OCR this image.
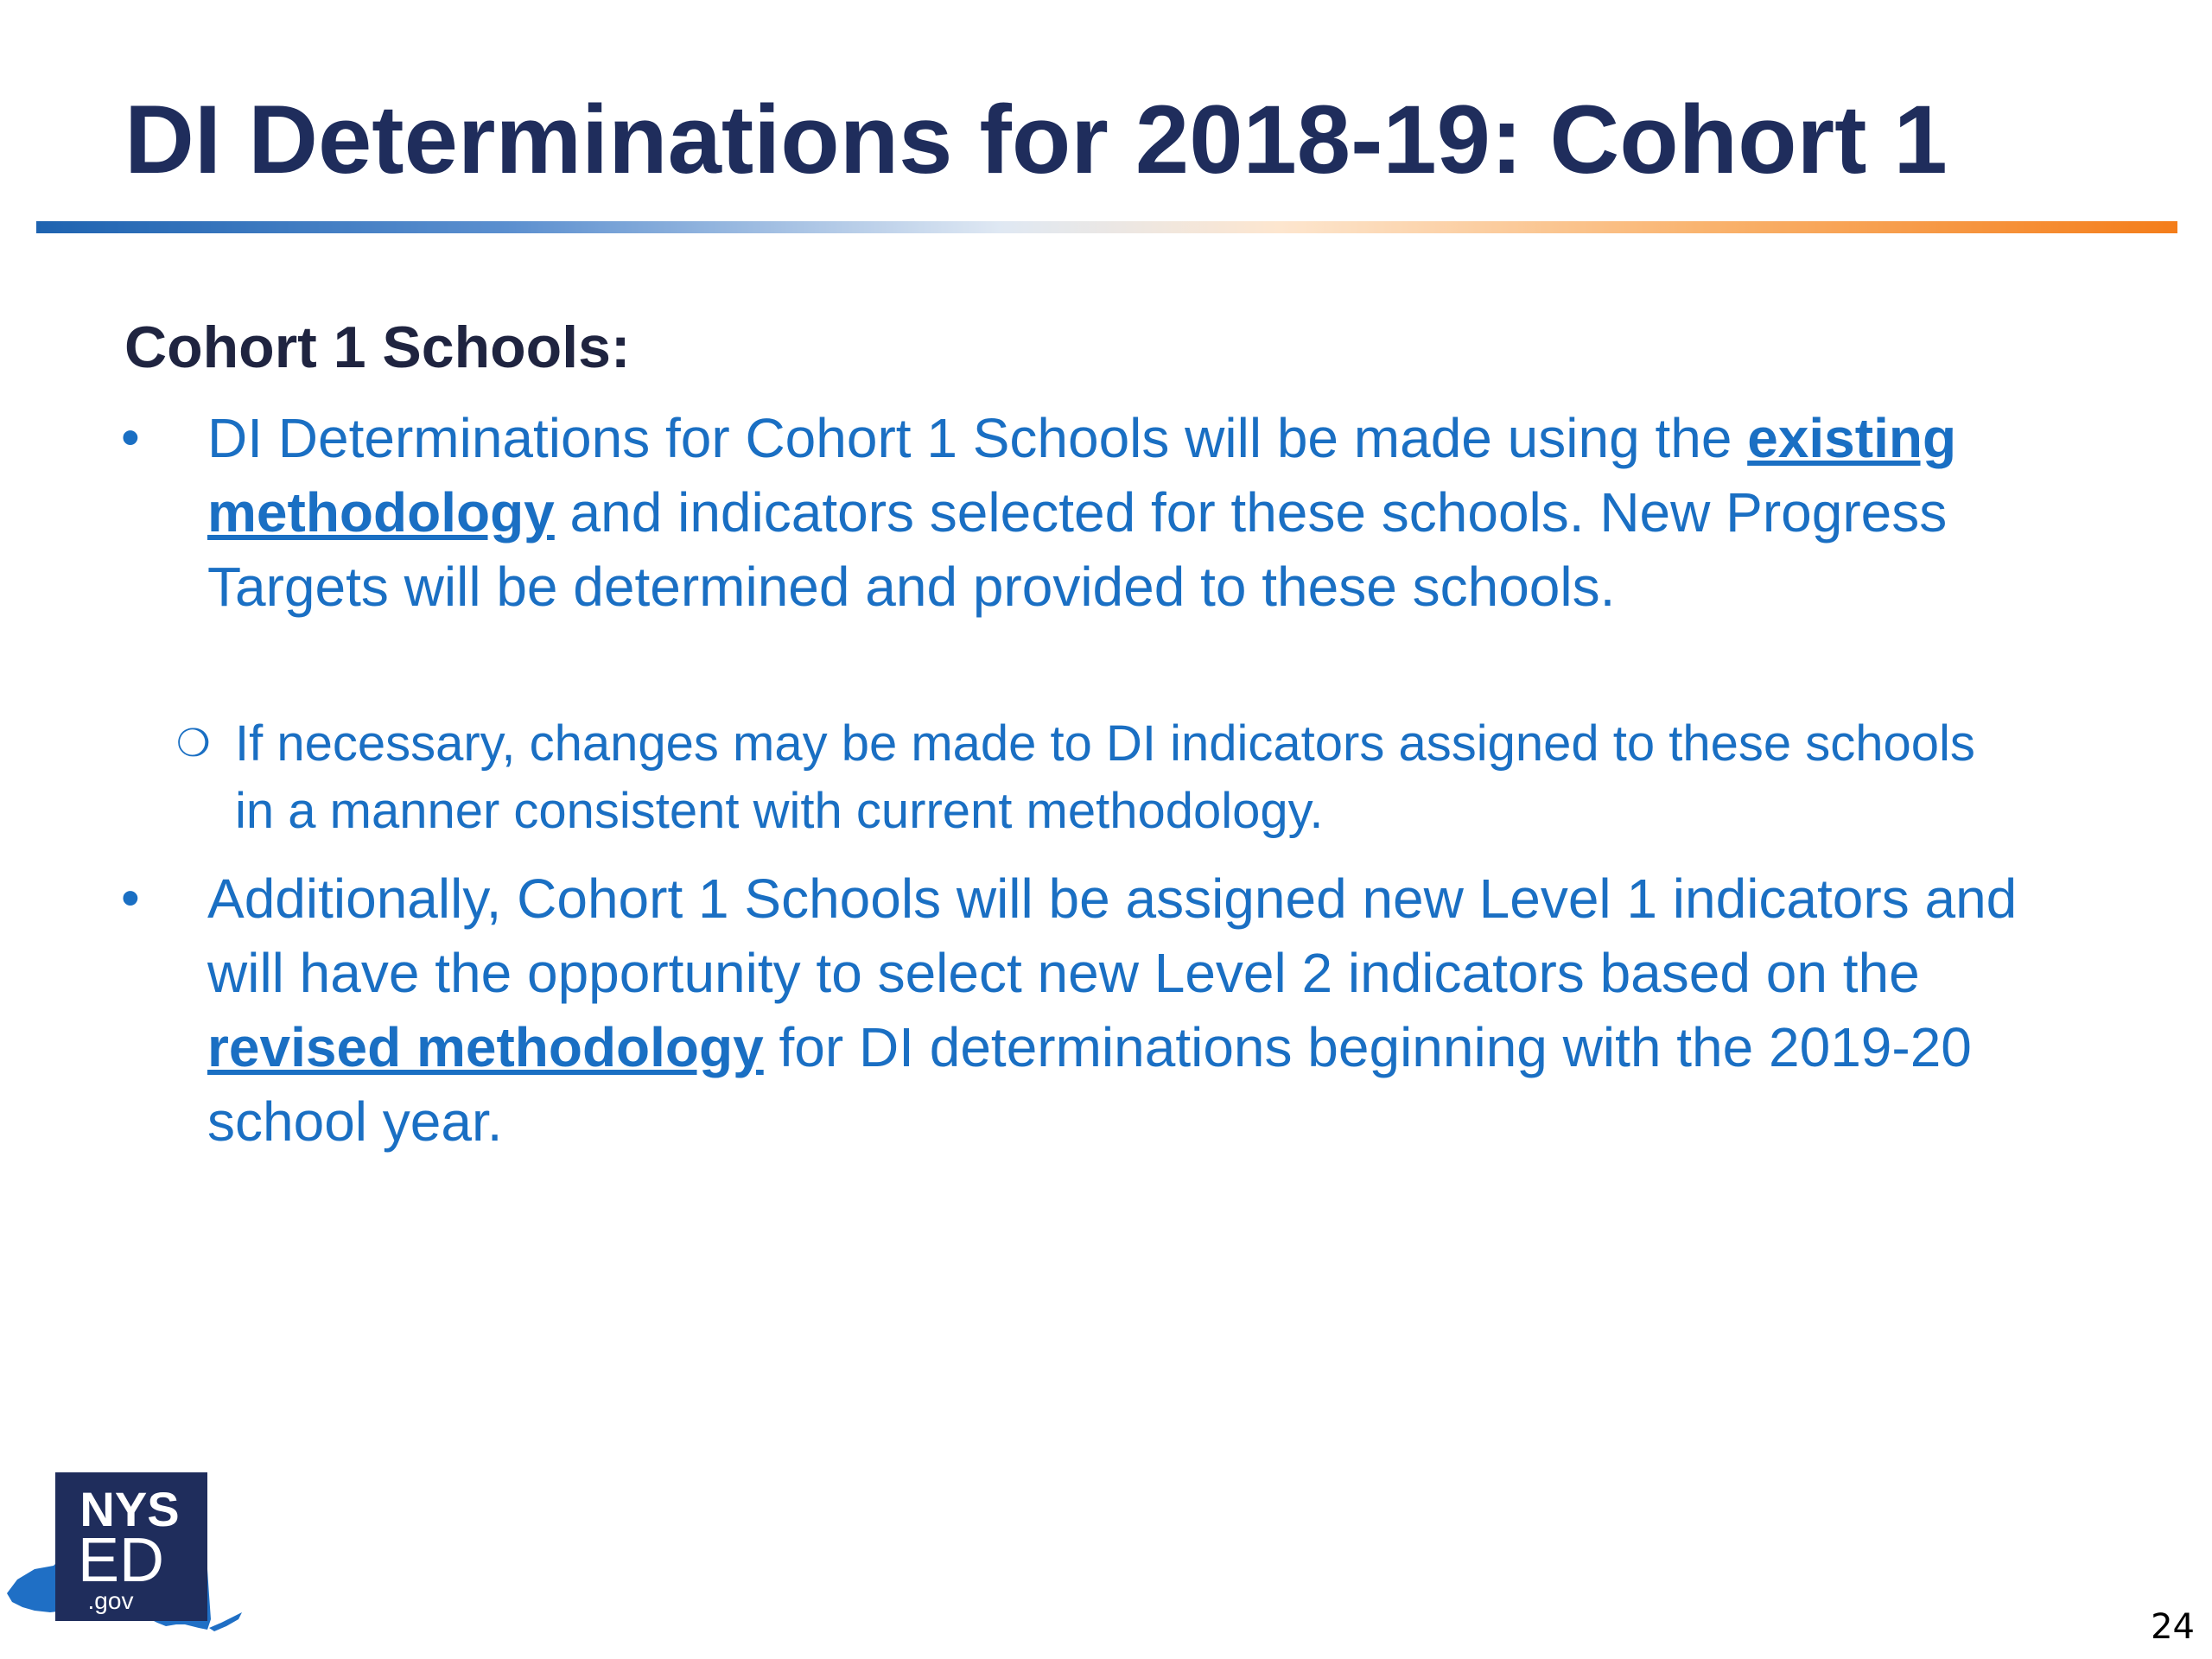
DI Determinations for 2018-19: Cohort 1
Cohort 1 Schools:
• DI Determinations for Cohort 1 Schools will be made using the existing methodology and indicators selected for these schools. New Progress Targets will be determined and provided to these schools.
❍ If necessary, changes may be made to DI indicators assigned to these schools in a manner consistent with current methodology.
• Additionally, Cohort 1 Schools will be assigned new Level 1 indicators and will have the opportunity to select new Level 2 indicators based on the revised methodology for DI determinations beginning with the 2019-20 school year.
NYS
ED
.gov
24
